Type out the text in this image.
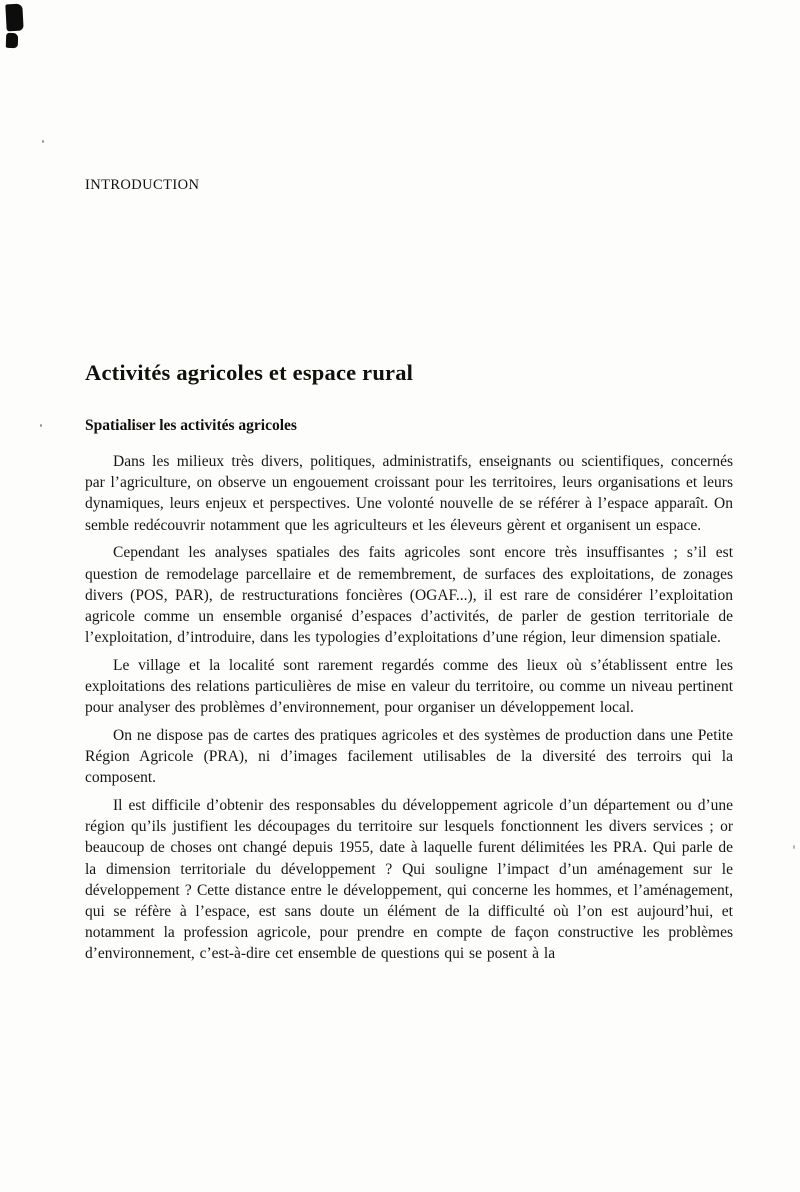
INTRODUCTION
Activités agricoles et espace rural
Spatialiser les activités agricoles

Dans les milieux très divers, politiques, administratifs, enseignants ou scientifiques, concernés par l’agriculture, on observe un engouement croissant pour les territoires, leurs organisations et leurs dynamiques, leurs enjeux et perspectives. Une volonté nouvelle de se référer à l’espace apparaît. On semble redécouvrir notamment que les agriculteurs et les éleveurs gèrent et organisent un espace.

Cependant les analyses spatiales des faits agricoles sont encore très insuffisantes ; s’il est question de remodelage parcellaire et de remembrement, de surfaces des exploitations, de zonages divers (POS, PAR), de restructurations foncières (OGAF...), il est rare de considérer l’exploitation agricole comme un ensemble organisé d’espaces d’activités, de parler de gestion territoriale de l’exploitation, d’introduire, dans les typologies d’exploitations d’une région, leur dimension spatiale.

Le village et la localité sont rarement regardés comme des lieux où s’établissent entre les exploitations des relations particulières de mise en valeur du territoire, ou comme un niveau pertinent pour analyser des problèmes d’environnement, pour organiser un développement local.

On ne dispose pas de cartes des pratiques agricoles et des systèmes de production dans une Petite Région Agricole (PRA), ni d’images facilement utilisables de la diversité des terroirs qui la composent.

Il est difficile d’obtenir des responsables du développement agricole d’un département ou d’une région qu’ils justifient les découpages du territoire sur lesquels fonctionnent les divers services ; or beaucoup de choses ont changé depuis 1955, date à laquelle furent délimitées les PRA. Qui parle de la dimension territoriale du développement ? Qui souligne l’impact d’un aménagement sur le développement ? Cette distance entre le développement, qui concerne les hommes, et l’aménagement, qui se réfère à l’espace, est sans doute un élément de la difficulté où l’on est aujourd’hui, et notamment la profession agricole, pour prendre en compte de façon constructive les problèmes d’environnement, c’est-à-dire cet ensemble de questions qui se posent à la
